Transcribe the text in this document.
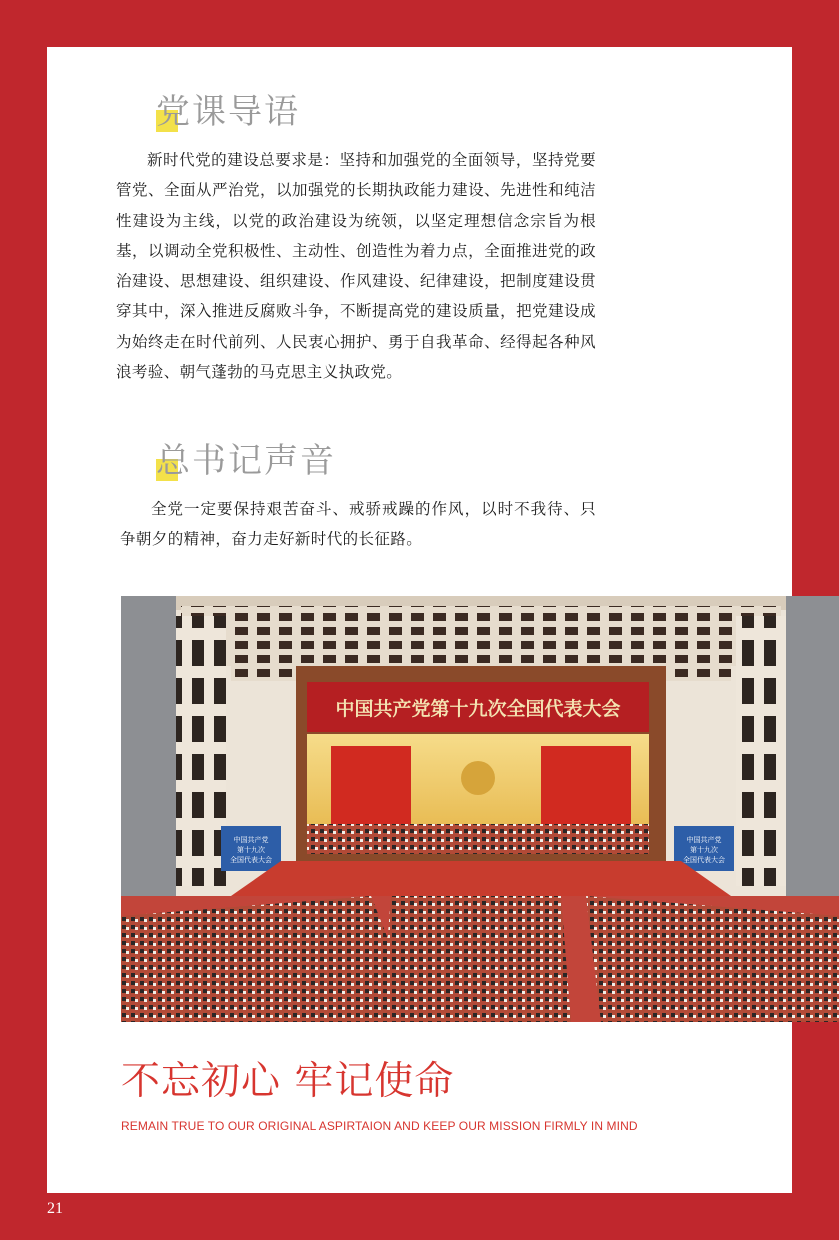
党课导语
新时代党的建设总要求是：坚持和加强党的全面领导，坚持党要管党、全面从严治党，以加强党的长期执政能力建设、先进性和纯洁性建设为主线，以党的政治建设为统领，以坚定理想信念宗旨为根基，以调动全党积极性、主动性、创造性为着力点，全面推进党的政治建设、思想建设、组织建设、作风建设、纪律建设，把制度建设贯穿其中，深入推进反腐败斗争，不断提高党的建设质量，把党建设成为始终走在时代前列、人民衷心拥护、勇于自我革命、经得起各种风浪考验、朝气蓬勃的马克思主义执政党。
总书记声音
全党一定要保持艰苦奋斗、戒骄戒躁的作风，以时不我待、只争朝夕的精神，奋力走好新时代的长征路。
中国共产党第十九次全国代表大会
中国共产党
第十九次
全国代表大会
中国共产党
第十九次
全国代表大会
不忘初心 牢记使命
REMAIN TRUE TO OUR ORIGINAL ASPIRTAION AND KEEP OUR MISSION FIRMLY IN MIND
21
